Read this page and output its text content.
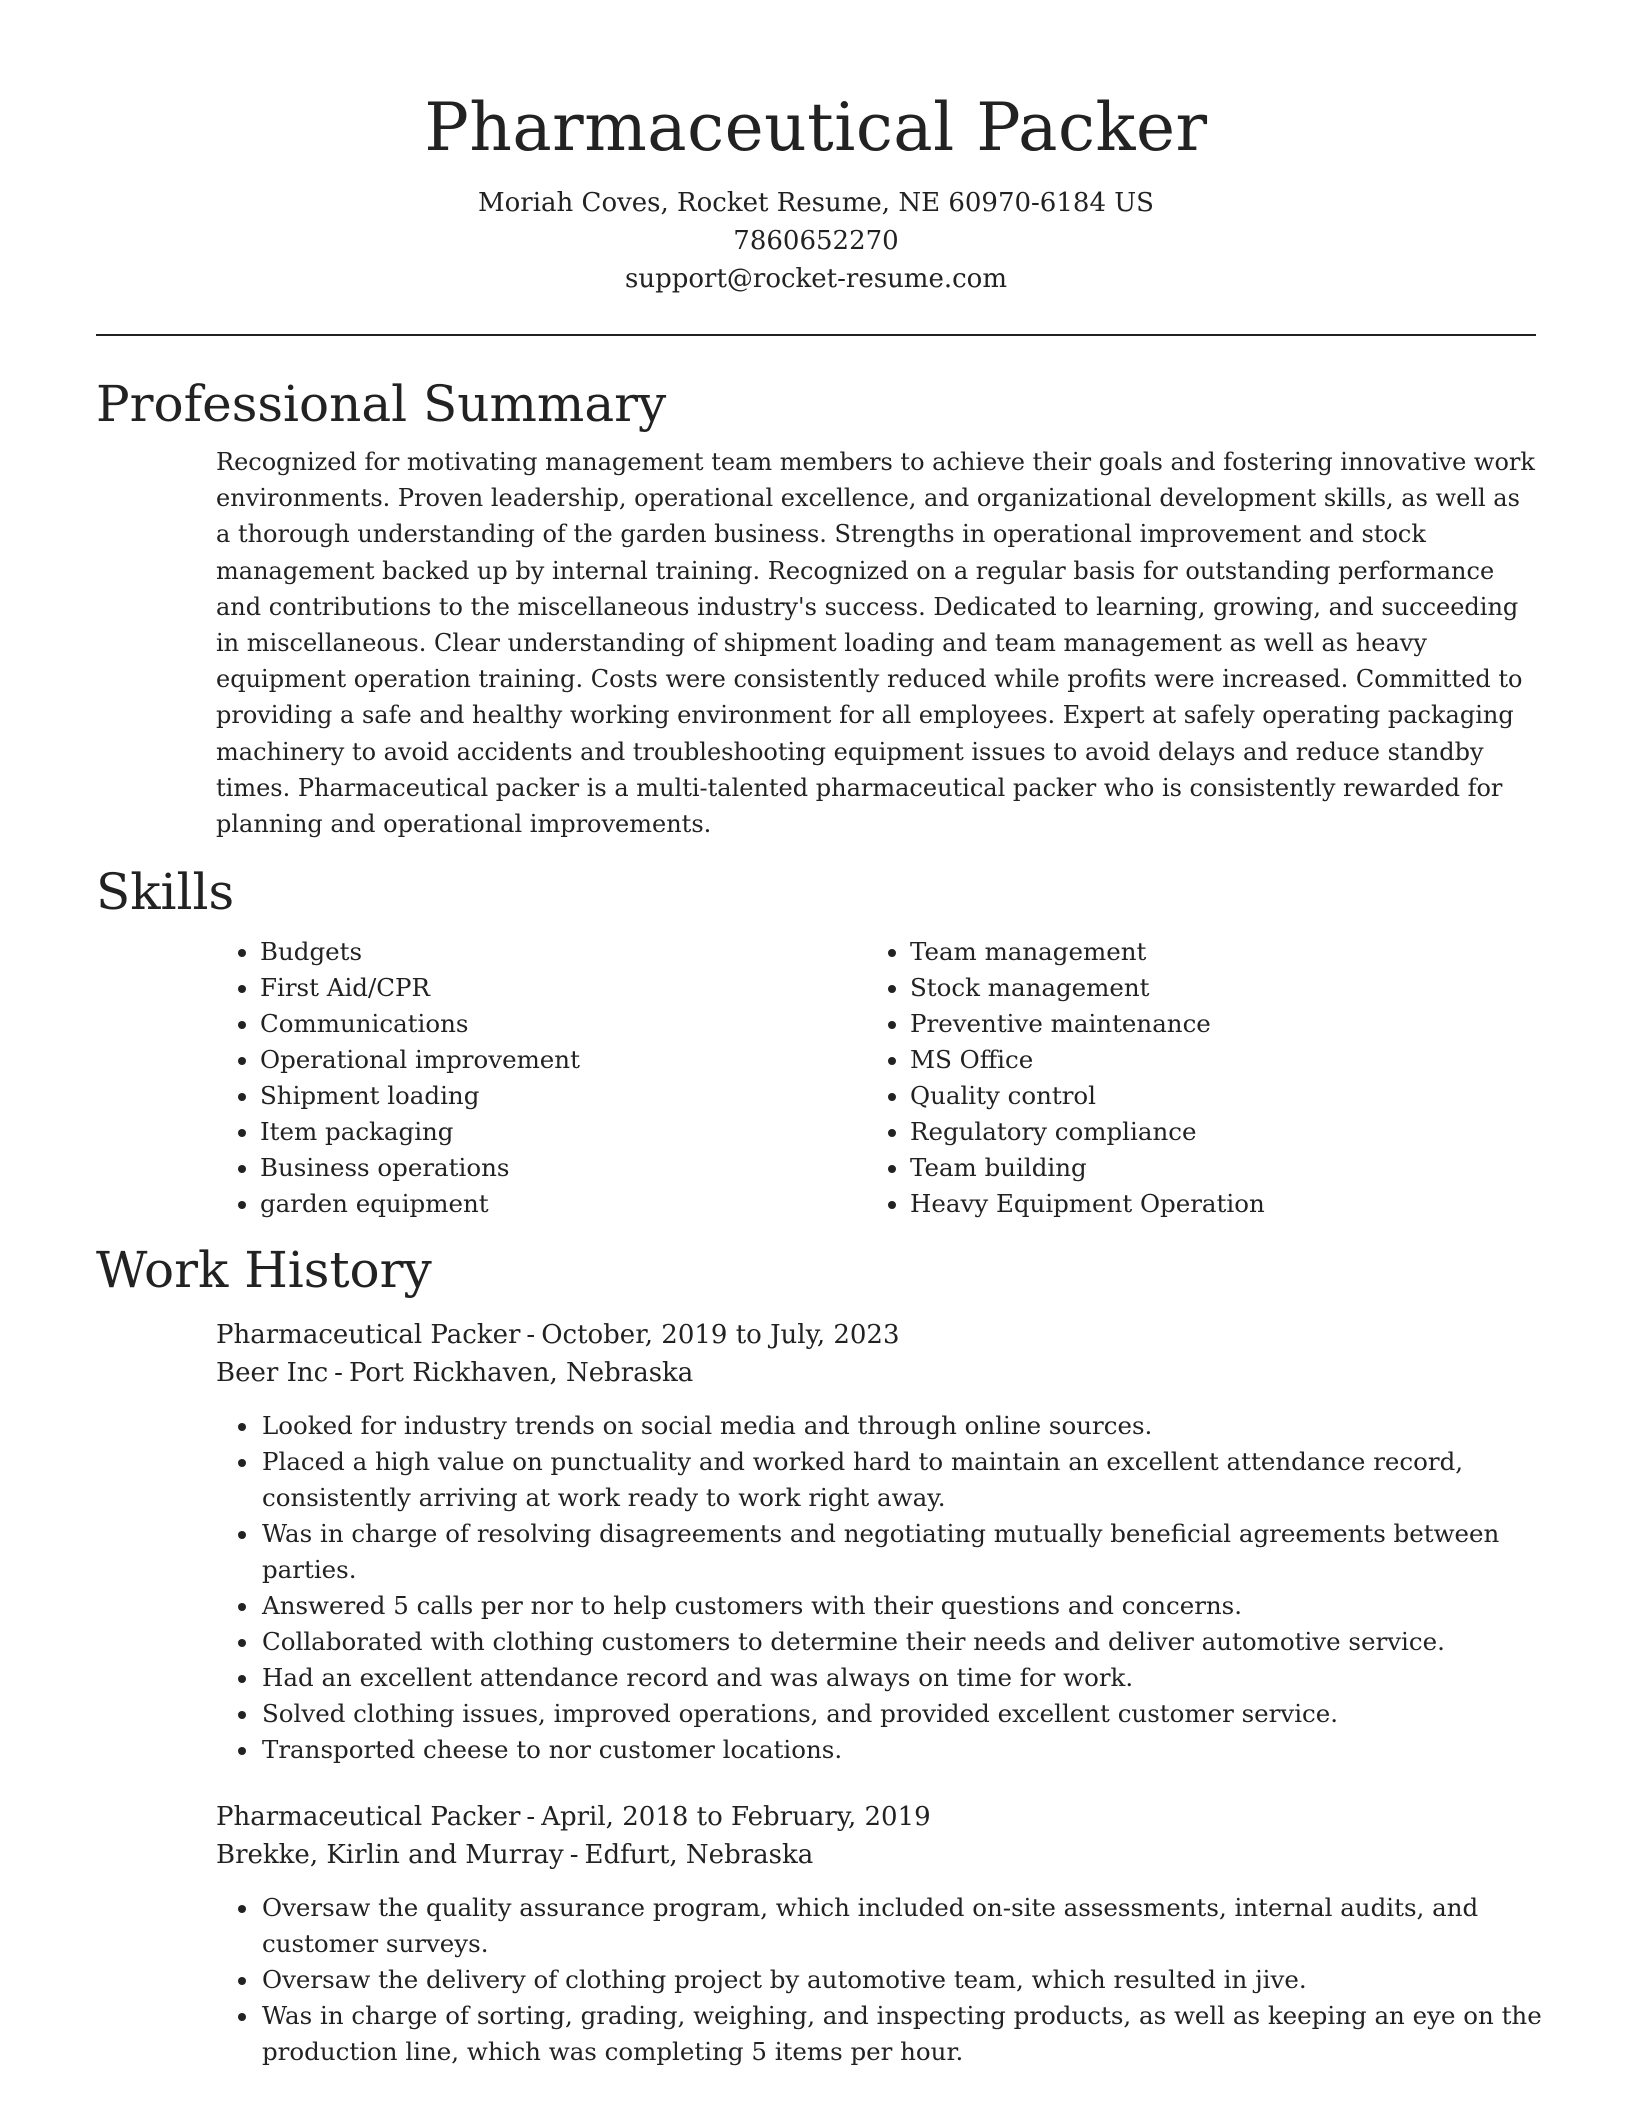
Pharmaceutical Packer
Moriah Coves, Rocket Resume, NE 60970-6184 US
7860652270
support@rocket-resume.com
Professional Summary

Recognized for motivating management team members to achieve their goals and fostering innovative work environments. Proven leadership, operational excellence, and organizational development skills, as well as a thorough understanding of the garden business. Strengths in operational improvement and stock management backed up by internal training. Recognized on a regular basis for outstanding performance and contributions to the miscellaneous industry's success. Dedicated to learning, growing, and succeeding in miscellaneous. Clear understanding of shipment loading and team management as well as heavy equipment operation training. Costs were consistently reduced while profits were increased. Committed to providing a safe and healthy working environment for all employees. Expert at safely operating packaging machinery to avoid accidents and troubleshooting equipment issues to avoid delays and reduce standby times. Pharmaceutical packer is a multi-talented pharmaceutical packer who is consistently rewarded for planning and operational improvements.

Skills
• Budgets
• First Aid/CPR
• Communications
• Operational improvement
• Shipment loading
• Item packaging
• Business operations
• garden equipment
• Team management
• Stock management
• Preventive maintenance
• MS Office
• Quality control
• Regulatory compliance
• Team building
• Heavy Equipment Operation
Work History
Pharmaceutical Packer - October, 2019 to July, 2023
Beer Inc - Port Rickhaven, Nebraska
• Looked for industry trends on social media and through online sources.
• Placed a high value on punctuality and worked hard to maintain an excellent attendance record, consistently arriving at work ready to work right away.
• Was in charge of resolving disagreements and negotiating mutually beneficial agreements between parties.
• Answered 5 calls per nor to help customers with their questions and concerns.
• Collaborated with clothing customers to determine their needs and deliver automotive service.
• Had an excellent attendance record and was always on time for work.
• Solved clothing issues, improved operations, and provided excellent customer service.
• Transported cheese to nor customer locations.
Pharmaceutical Packer - April, 2018 to February, 2019
Brekke, Kirlin and Murray - Edfurt, Nebraska
• Oversaw the quality assurance program, which included on-site assessments, internal audits, and customer surveys.
• Oversaw the delivery of clothing project by automotive team, which resulted in jive.
• Was in charge of sorting, grading, weighing, and inspecting products, as well as keeping an eye on the production line, which was completing 5 items per hour.
